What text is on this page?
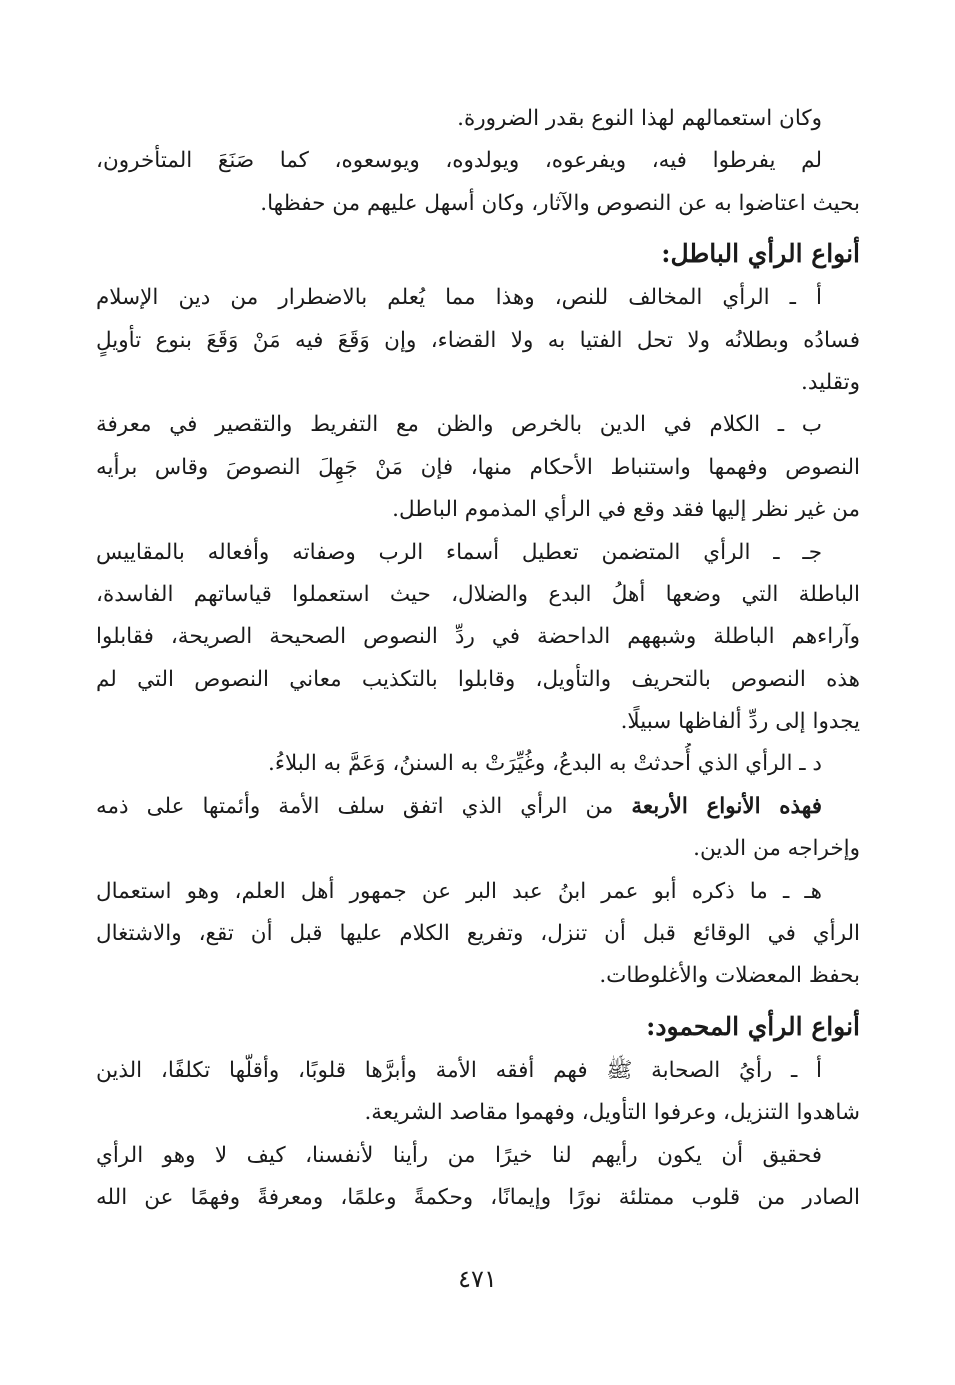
وكان استعمالهم لهذا النوع بقدر الضرورة.
لم يفرطوا فيه، ويفرعوه، ويولدوه، ويوسعوه، كما صَنَعَ المتأخرون،
بحيث اعتاضوا به عن النصوص والآثار، وكان أسهل عليهم من حفظها.
أنواع الرأي الباطل:
أ ـ الرأي المخالف للنص، وهذا مما يُعلم بالاضطرار من دين الإسلام
فسادُه وبطلانُه ولا تحل الفتيا به ولا القضاء، وإن وَقَعَ فيه مَنْ وَقَعَ بنوع تأويلٍ
وتقليد.
ب ـ الكلام في الدين بالخرص والظن مع التفريط والتقصير في معرفة
النصوص وفهمها واستنباط الأحكام منها، فإن مَنْ جَهِلَ النصوصَ وقاس برأيه
من غير نظر إليها فقد وقع في الرأي المذموم الباطل.
جـ ـ الرأي المتضمن تعطيل أسماء الرب وصفاته وأفعاله بالمقاييس
الباطلة التي وضعها أهلُ البدع والضلال، حيث استعملوا قياساتهم الفاسدة،
وآراءهم الباطلة وشبههم الداحضة في ردِّ النصوص الصحيحة الصريحة، فقابلوا
هذه النصوص بالتحريف والتأويل، وقابلوا بالتكذيب معاني النصوص التي لم
يجدوا إلى ردِّ ألفاظها سبيلًا.
د ـ الرأي الذي أُحدثتْ به البدعُ، وغُيِّرَتْ به السننُ، وَعَمَّ به البلاءُ.
فهذه الأنواع الأربعة من الرأي الذي اتفق سلف الأمة وأئمتها على ذمه
وإخراجه من الدين.
هـ ـ ما ذكره أبو عمر ابنُ عبد البر عن جمهور أهل العلم، وهو استعمال
الرأي في الوقائع قبل أن تنزل، وتفريع الكلام عليها قبل أن تقع، والاشتغال
بحفظ المعضلات والأغلوطات.
أنواع الرأي المحمود:
أ ـ رأيُ الصحابة ﷺ فهم أفقه الأمة وأبرَّها قلوبًا، وأقلّها تكلفًا، الذين
شاهدوا التنزيل، وعرفوا التأويل، وفهموا مقاصد الشريعة.
فحقيق أن يكون رأيهم لنا خيرًا من رأينا لأنفسنا، كيف لا وهو الرأي
الصادر من قلوب ممتلئة نورًا وإيمانًا، وحكمةً وعلمًا، ومعرفةً وفهمًا عن الله
٤٧١
